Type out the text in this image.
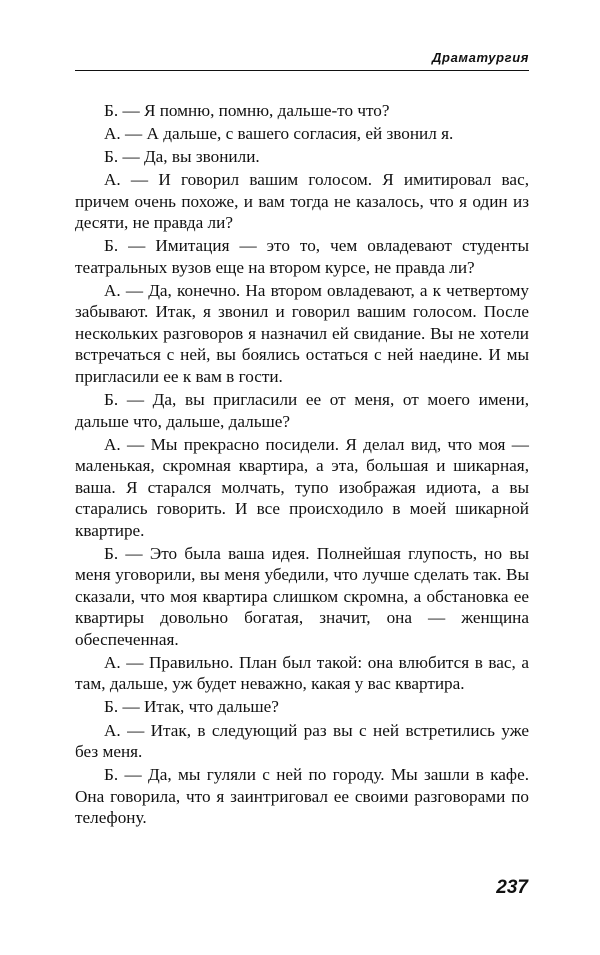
Драматургия

Б. — Я помню, помню, дальше-то что?

А. — А дальше, с вашего согласия, ей звонил я.

Б. — Да, вы звонили.

А. — И говорил вашим голосом. Я имитировал вас, причем очень похоже, и вам тогда не казалось, что я один из десяти, не правда ли?

Б. — Имитация — это то, чем овладевают студенты театральных вузов еще на втором курсе, не правда ли?

А. — Да, конечно. На втором овладевают, а к четвертому забывают. Итак, я звонил и говорил вашим голосом. После нескольких разговоров я назначил ей свидание. Вы не хотели встречаться с ней, вы боялись остаться с ней наедине. И мы пригласили ее к вам в гости.

Б. — Да, вы пригласили ее от меня, от моего имени, дальше что, дальше, дальше?

А. — Мы прекрасно посидели. Я делал вид, что моя — маленькая, скромная квартира, а эта, большая и шикарная, ваша. Я старался молчать, тупо изображая идиота, а вы старались говорить. И все происходило в моей шикарной квартире.

Б. — Это была ваша идея. Полнейшая глупость, но вы меня уговорили, вы меня убедили, что лучше сделать так. Вы сказали, что моя квартира слишком скромна, а обстановка ее квартиры довольно богатая, значит, она — женщина обеспеченная.

А. — Правильно. План был такой: она влюбится в вас, а там, дальше, уж будет неважно, какая у вас квартира.

Б. — Итак, что дальше?

А. — Итак, в следующий раз вы с ней встретились уже без меня.

Б. — Да, мы гуляли с ней по городу. Мы зашли в кафе. Она говорила, что я заинтриговал ее своими разговорами по телефону.

237
